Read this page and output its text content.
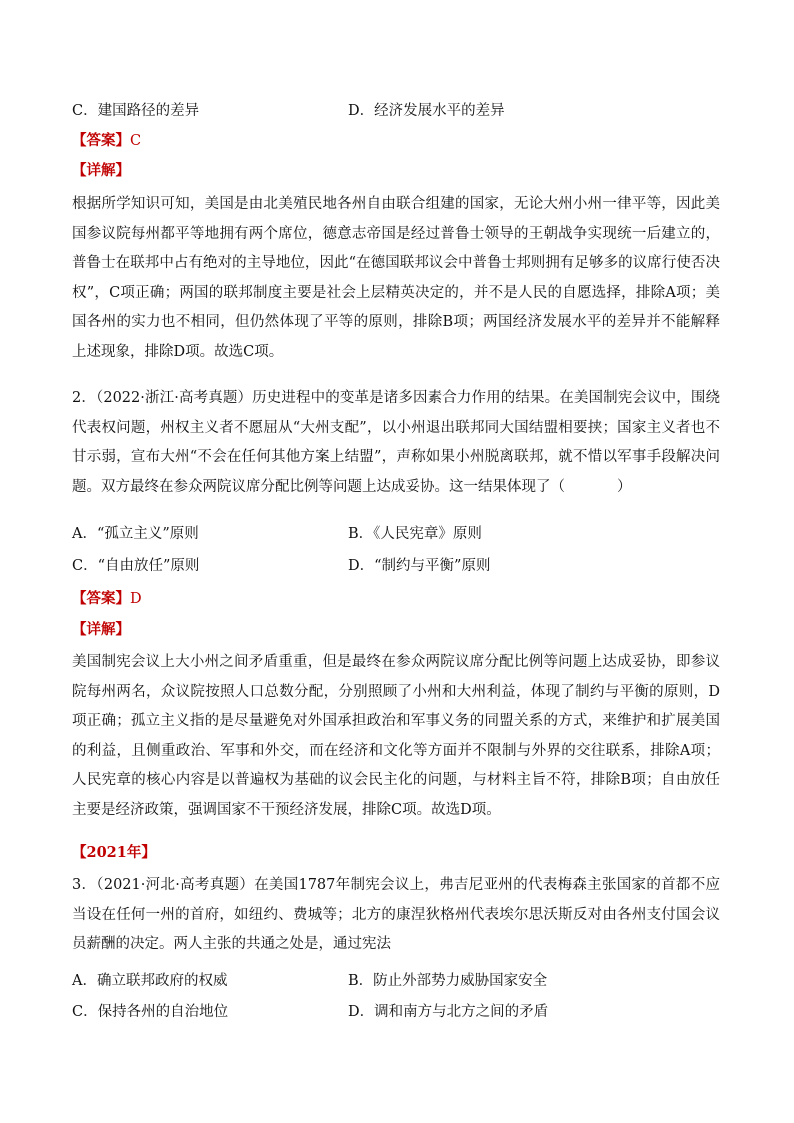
C．建国路径的差异	D．经济发展水平的差异
【答案】C
【详解】
根据所学知识可知，美国是由北美殖民地各州自由联合组建的国家，无论大州小州一律平等，因此美国参议院每州都平等地拥有两个席位，德意志帝国是经过普鲁士领导的王朝战争实现统一后建立的，普鲁士在联邦中占有绝对的主导地位，因此“在德国联邦议会中普鲁士邦则拥有足够多的议席行使否决权”，C项正确；两国的联邦制度主要是社会上层精英决定的，并不是人民的自愿选择，排除A项；美国各州的实力也不相同，但仍然体现了平等的原则，排除B项；两国经济发展水平的差异并不能解释上述现象，排除D项。故选C项。
2．（2022·浙江·高考真题）历史进程中的变革是诸多因素合力作用的结果。在美国制宪会议中，围绕代表权问题，州权主义者不愿屈从“大州支配”，以小州退出联邦同大国结盟相要挟；国家主义者也不甘示弱，宣布大州“不会在任何其他方案上结盟”，声称如果小州脱离联邦，就不惜以军事手段解决问题。双方最终在参众两院议席分配比例等问题上达成妥协。这一结果体现了（	）
A．“孤立主义”原则	B．《人民宪章》原则
C．“自由放任”原则	D．“制约与平衡”原则
【答案】D
【详解】
美国制宪会议上大小州之间矛盾重重，但是最终在参众两院议席分配比例等问题上达成妥协，即参议院每州两名，众议院按照人口总数分配，分别照顾了小州和大州利益，体现了制约与平衡的原则，D项正确；孤立主义指的是尽量避免对外国承担政治和军事义务的同盟关系的方式，来维护和扩展美国的利益，且侧重政治、军事和外交，而在经济和文化等方面并不限制与外界的交往联系，排除A项；人民宪章的核心内容是以普遍权为基础的议会民主化的问题，与材料主旨不符，排除B项；自由放任主要是经济政策，强调国家不干预经济发展，排除C项。故选D项。
【2021年】
3．（2021·河北·高考真题）在美国1787年制宪会议上，弗吉尼亚州的代表梅森主张国家的首都不应当设在任何一州的首府，如纽约、费城等；北方的康涅狄格州代表埃尔思沃斯反对由各州支付国会议员薪酬的决定。两人主张的共通之处是，通过宪法
A．确立联邦政府的权威	B．防止外部势力威胁国家安全
C．保持各州的自治地位	D．调和南方与北方之间的矛盾
